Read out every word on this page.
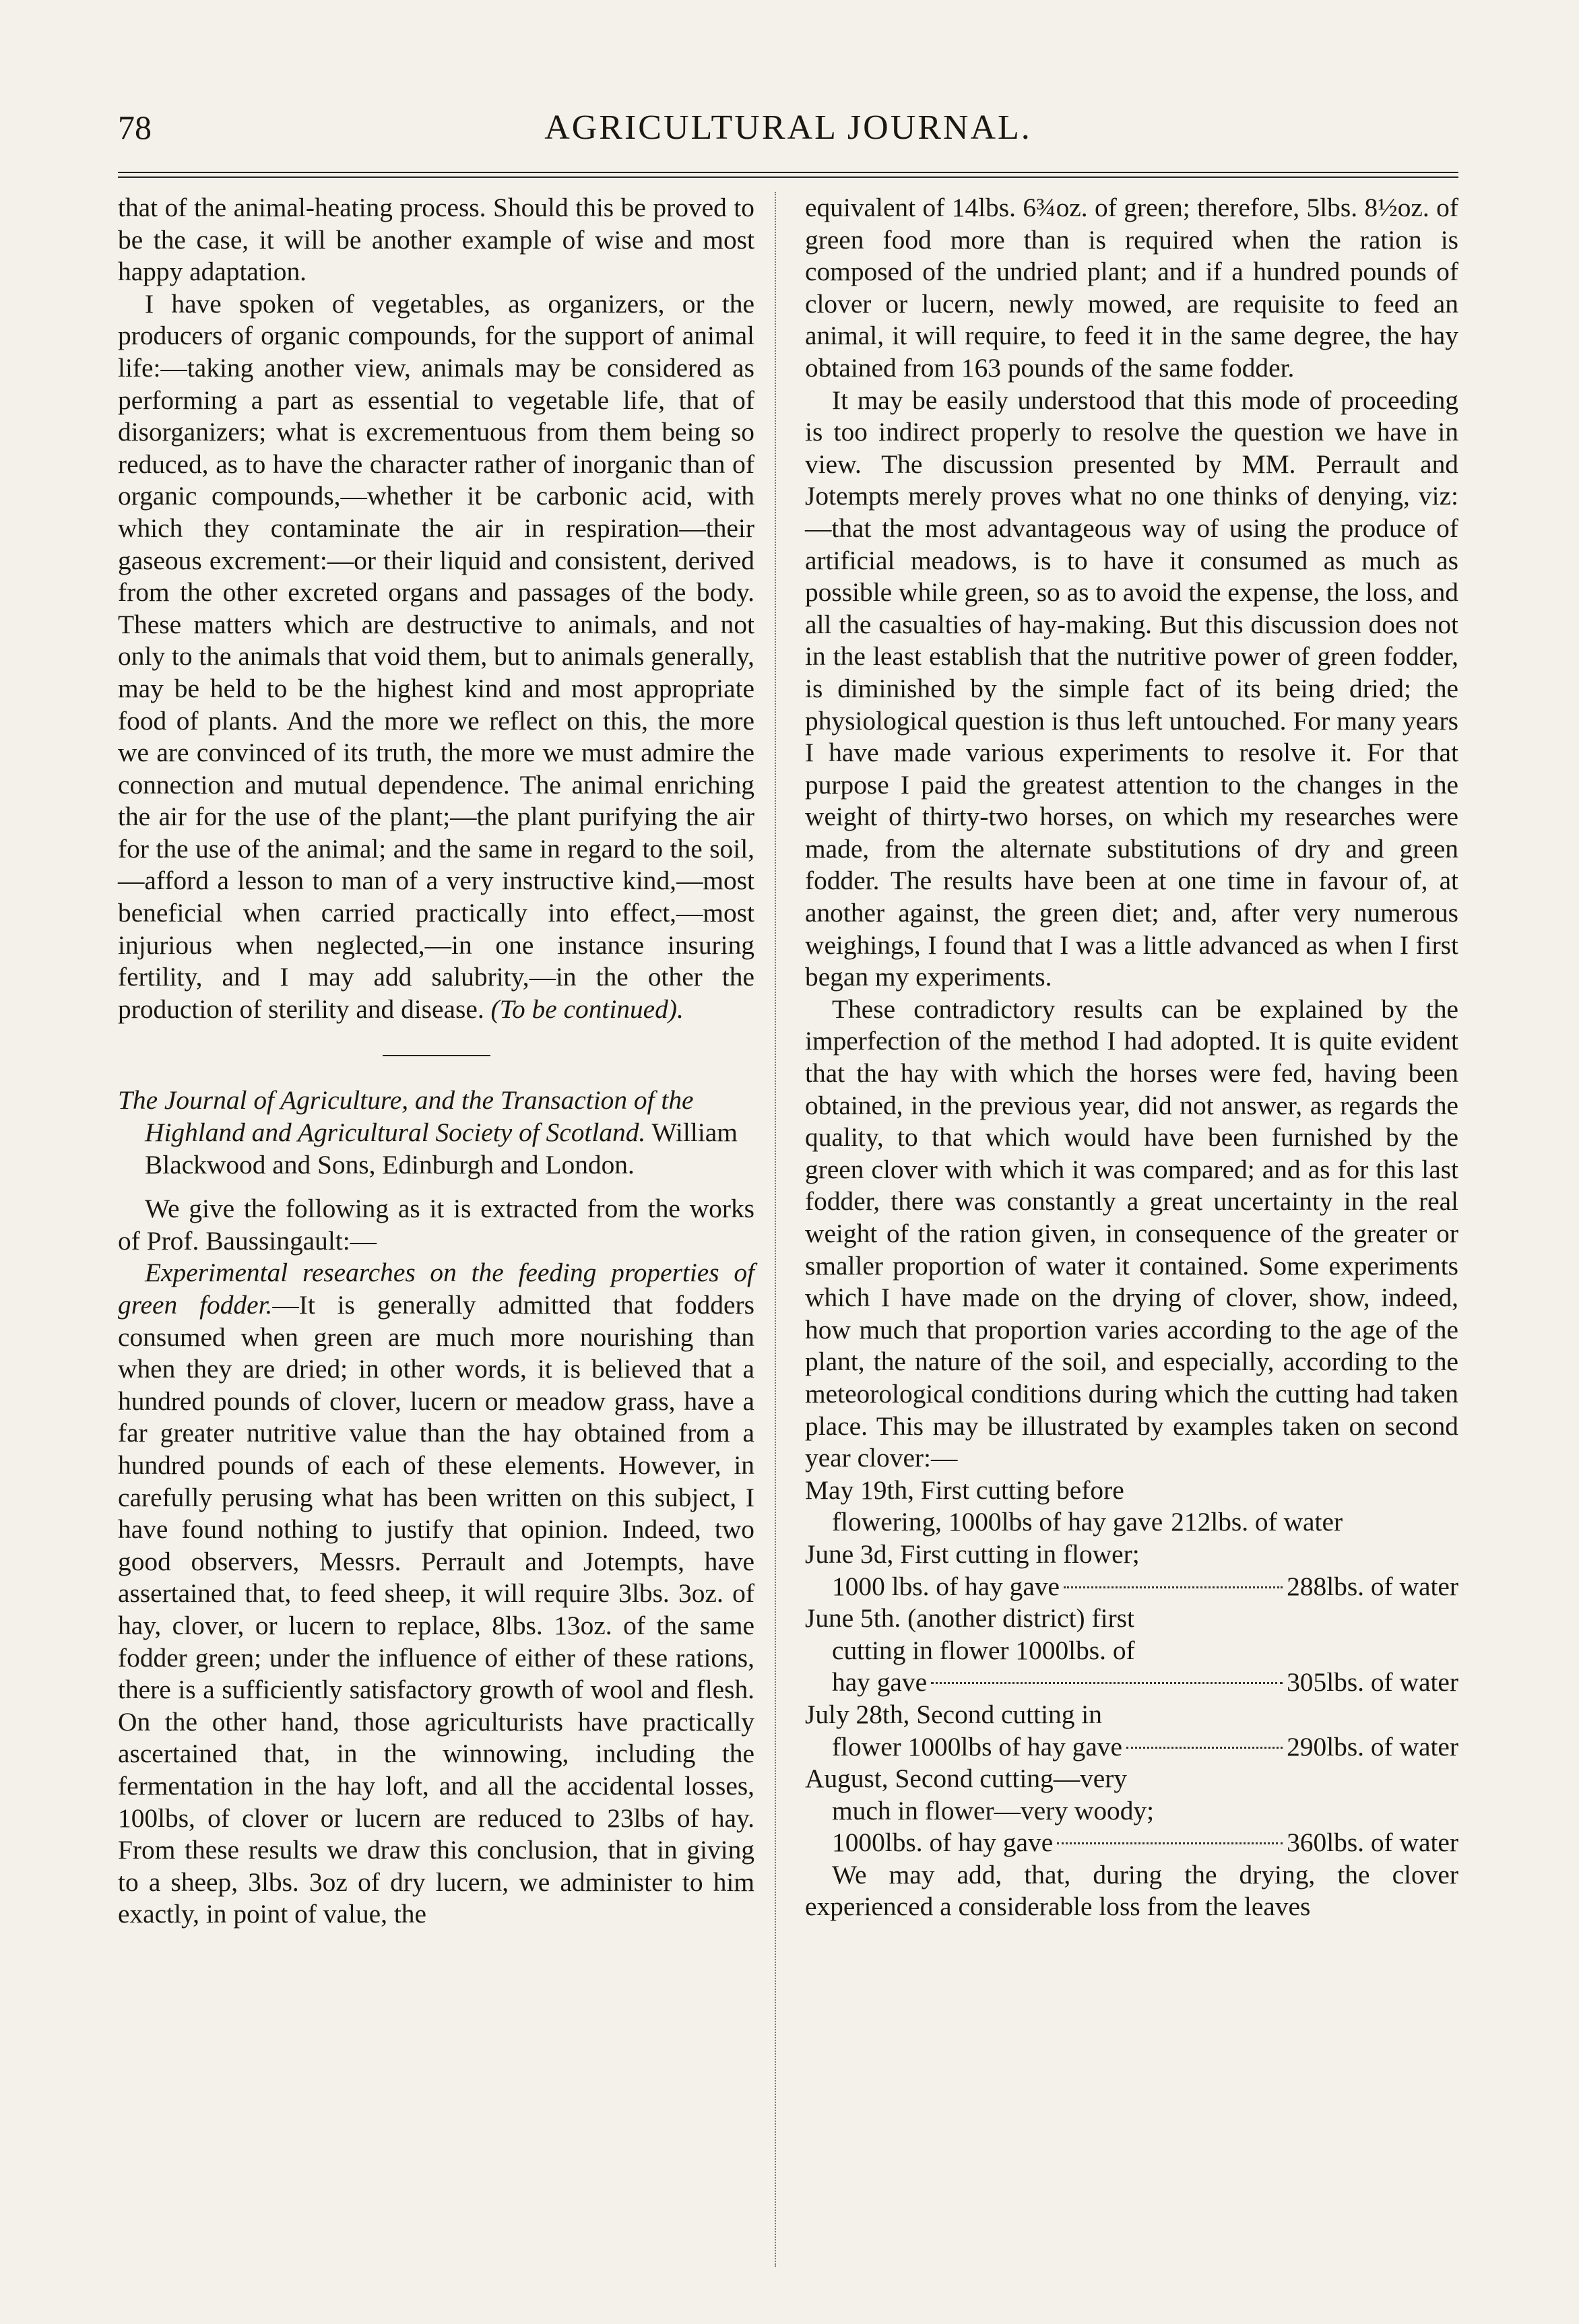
78	AGRICULTURAL JOURNAL.

that of the animal-heating process. Should this be proved to be the case, it will be another example of wise and most happy adaptation.

I have spoken of vegetables, as organizers, or the producers of organic compounds, for the support of animal life:—taking another view, animals may be considered as performing a part as essential to vegetable life, that of disorganizers; what is excrementuous from them being so reduced, as to have the character rather of inorganic than of organic compounds,—whether it be carbonic acid, with which they contaminate the air in respiration—their gaseous excrement:—or their liquid and consistent, derived from the other excreted organs and passages of the body. These matters which are destructive to animals, and not only to the animals that void them, but to animals generally, may be held to be the highest kind and most appropriate food of plants. And the more we reflect on this, the more we are convinced of its truth, the more we must admire the connection and mutual dependence. The animal enriching the air for the use of the plant;—the plant purifying the air for the use of the animal; and the same in regard to the soil,—afford a lesson to man of a very instructive kind,—most beneficial when carried practically into effect,—most injurious when neglected,—in one instance insuring fertility, and I may add salubrity,—in the other the production of sterility and disease. (To be continued).

The Journal of Agriculture, and the Transaction of the Highland and Agricultural Society of Scotland. William Blackwood and Sons, Edinburgh and London.

We give the following as it is extracted from the works of Prof. Baussingault:—

Experimental researches on the feeding properties of green fodder.—It is generally admitted that fodders consumed when green are much more nourishing than when they are dried; in other words, it is believed that a hundred pounds of clover, lucern or meadow grass, have a far greater nutritive value than the hay obtained from a hundred pounds of each of these elements. However, in carefully perusing what has been written on this subject, I have found nothing to justify that opinion. Indeed, two good observers, Messrs. Perrault and Jotempts, have assertained that, to feed sheep, it will require 3lbs. 3oz. of hay, clover, or lucern to replace, 8lbs. 13oz. of the same fodder green; under the influence of either of these rations, there is a sufficiently satisfactory growth of wool and flesh. On the other hand, those agriculturists have practically ascertained that, in the winnowing, including the fermentation in the hay loft, and all the accidental losses, 100lbs, of clover or lucern are reduced to 23lbs of hay. From these results we draw this conclusion, that in giving to a sheep, 3lbs. 3oz of dry lucern, we administer to him exactly, in point of value, the

equivalent of 14lbs. 6¾oz. of green; therefore, 5lbs. 8½oz. of green food more than is required when the ration is composed of the undried plant; and if a hundred pounds of clover or lucern, newly mowed, are requisite to feed an animal, it will require, to feed it in the same degree, the hay obtained from 163 pounds of the same fodder.

It may be easily understood that this mode of proceeding is too indirect properly to resolve the question we have in view. The discussion presented by MM. Perrault and Jotempts merely proves what no one thinks of denying, viz:—that the most advantageous way of using the produce of artificial meadows, is to have it consumed as much as possible while green, so as to avoid the expense, the loss, and all the casualties of hay-making. But this discussion does not in the least establish that the nutritive power of green fodder, is diminished by the simple fact of its being dried; the physiological question is thus left untouched. For many years I have made various experiments to resolve it. For that purpose I paid the greatest attention to the changes in the weight of thirty-two horses, on which my researches were made, from the alternate substitutions of dry and green fodder. The results have been at one time in favour of, at another against, the green diet; and, after very numerous weighings, I found that I was a little advanced as when I first began my experiments.

These contradictory results can be explained by the imperfection of the method I had adopted. It is quite evident that the hay with which the horses were fed, having been obtained, in the previous year, did not answer, as regards the quality, to that which would have been furnished by the green clover with which it was compared; and as for this last fodder, there was constantly a great uncertainty in the real weight of the ration given, in consequence of the greater or smaller proportion of water it contained. Some experiments which I have made on the drying of clover, show, indeed, how much that proportion varies according to the age of the plant, the nature of the soil, and especially, according to the meteorological conditions during which the cutting had taken place. This may be illustrated by examples taken on second year clover:—

May 19th, First cutting before
flowering, 1000lbs of hay gave 212lbs. of water
June 3d, First cutting in flower;
1000 lbs. of hay gave	288lbs. of water
June 5th. (another district) first
cutting in flower 1000lbs. of
hay gave	305lbs. of water
July 28th, Second cutting in
flower 1000lbs of hay gave	290lbs. of water
August, Second cutting—very
much in flower—very woody;
1000lbs. of hay gave	360lbs. of water

We may add, that, during the drying, the clover experienced a considerable loss from the leaves
